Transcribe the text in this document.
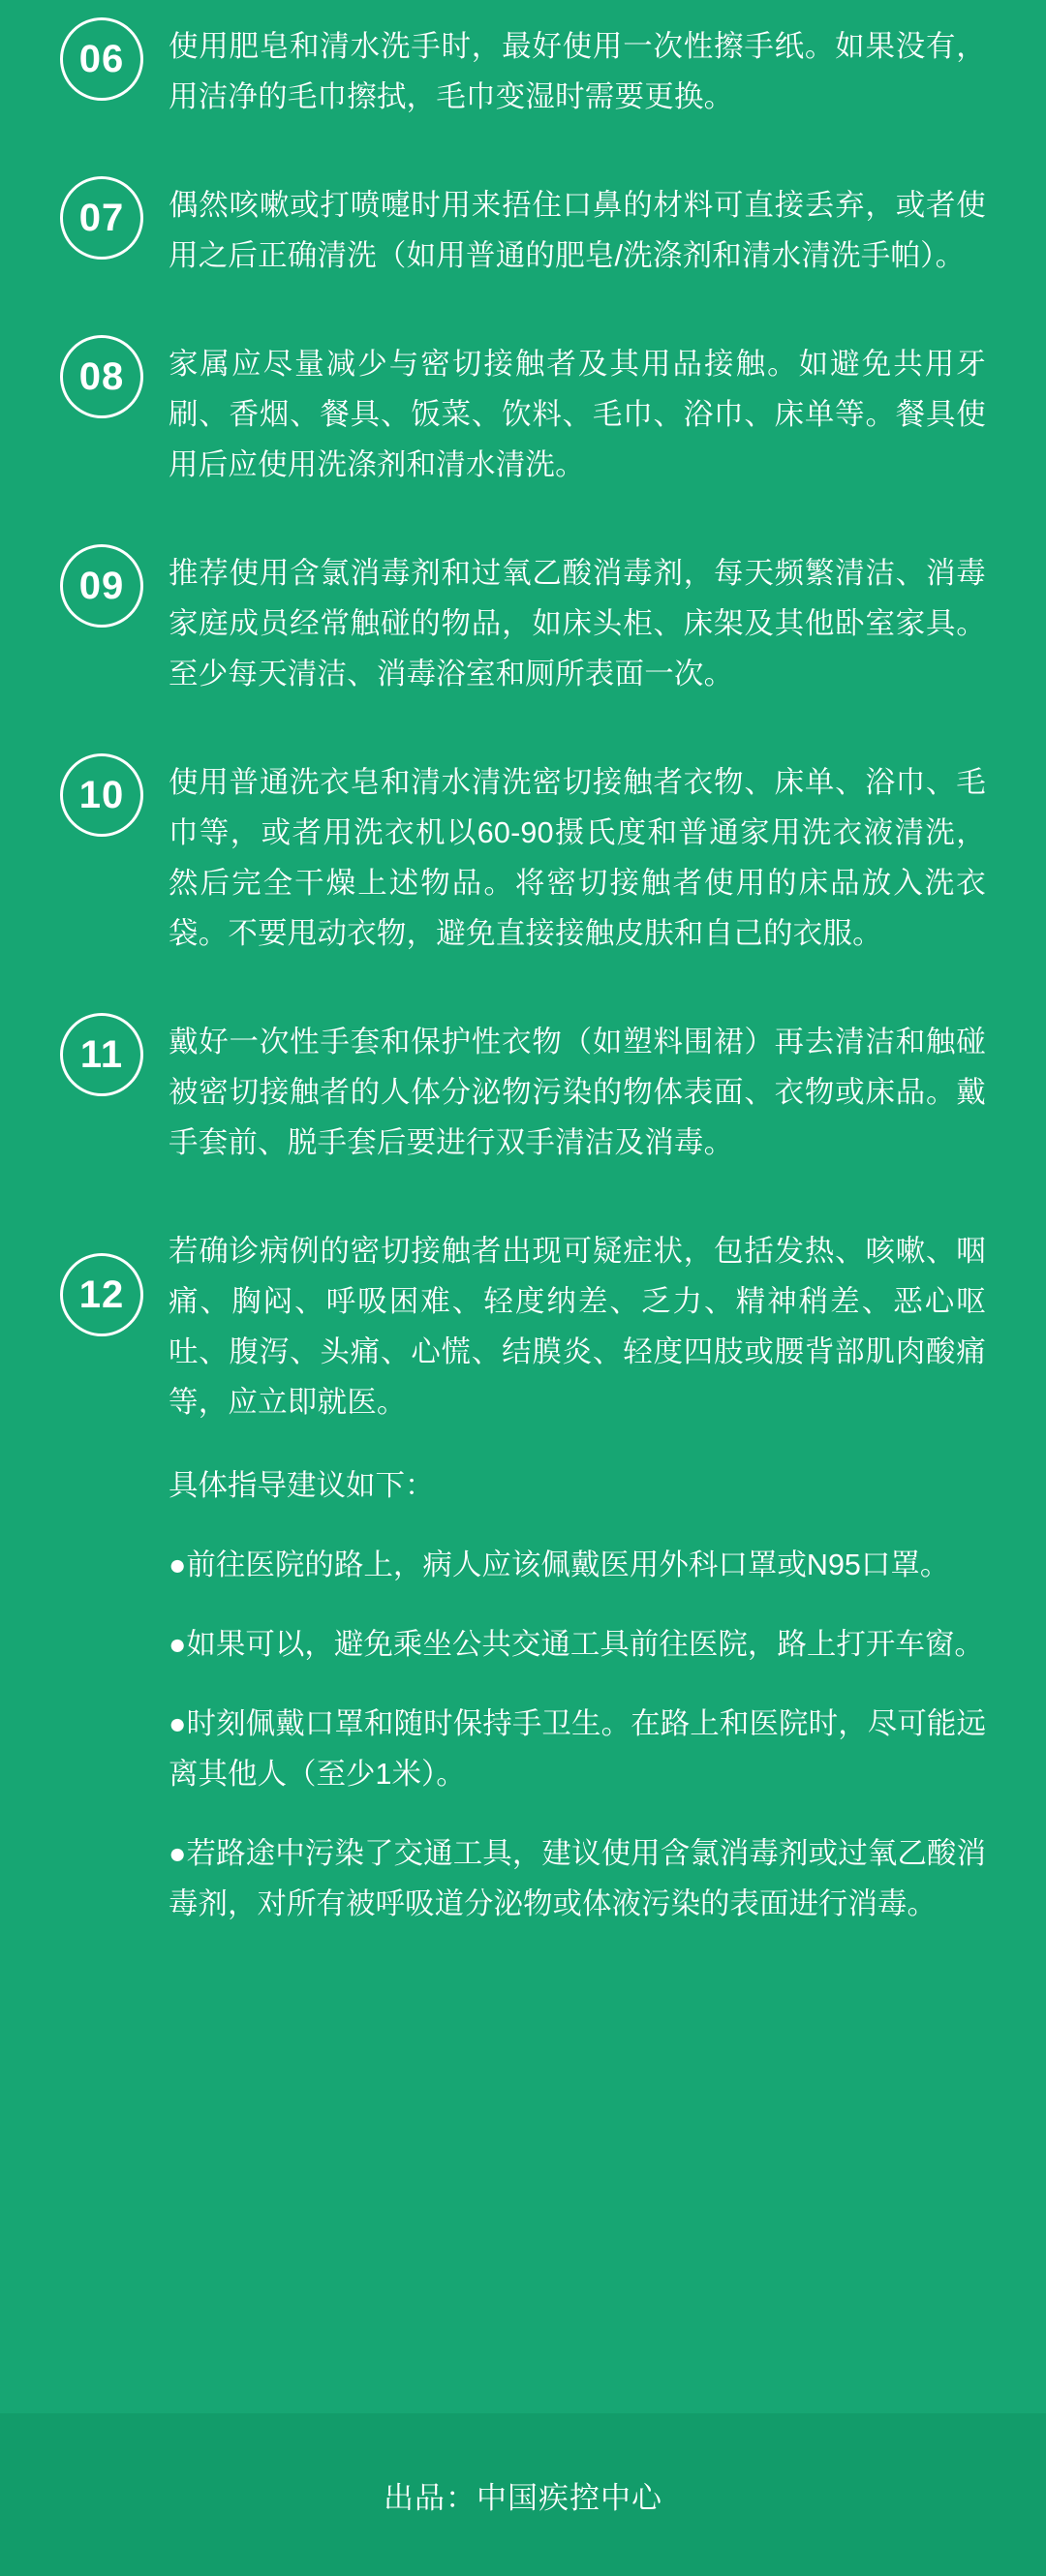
06	使用肥皂和清水洗手时，最好使用一次性擦手纸。如果没有，用洁净的毛巾擦拭，毛巾变湿时需要更换。

07	偶然咳嗽或打喷嚏时用来捂住口鼻的材料可直接丢弃，或者使用之后正确清洗（如用普通的肥皂/洗涤剂和清水清洗手帕）。

08	家属应尽量减少与密切接触者及其用品接触。如避免共用牙刷、香烟、餐具、饭菜、饮料、毛巾、浴巾、床单等。餐具使用后应使用洗涤剂和清水清洗。

09	推荐使用含氯消毒剂和过氧乙酸消毒剂，每天频繁清洁、消毒家庭成员经常触碰的物品，如床头柜、床架及其他卧室家具。至少每天清洁、消毒浴室和厕所表面一次。

10	使用普通洗衣皂和清水清洗密切接触者衣物、床单、浴巾、毛巾等，或者用洗衣机以60-90摄氏度和普通家用洗衣液清洗，然后完全干燥上述物品。将密切接触者使用的床品放入洗衣袋。不要甩动衣物，避免直接接触皮肤和自己的衣服。

11	戴好一次性手套和保护性衣物（如塑料围裙）再去清洁和触碰被密切接触者的人体分泌物污染的物体表面、衣物或床品。戴手套前、脱手套后要进行双手清洁及消毒。

12

若确诊病例的密切接触者出现可疑症状，包括发热、咳嗽、咽痛、胸闷、呼吸困难、轻度纳差、乏力、精神稍差、恶心呕吐、腹泻、头痛、心慌、结膜炎、轻度四肢或腰背部肌肉酸痛等，应立即就医。

具体指导建议如下：

●前往医院的路上，病人应该佩戴医用外科口罩或N95口罩。

●如果可以，避免乘坐公共交通工具前往医院，路上打开车窗。

●时刻佩戴口罩和随时保持手卫生。在路上和医院时，尽可能远离其他人（至少1米）。

●若路途中污染了交通工具，建议使用含氯消毒剂或过氧乙酸消毒剂，对所有被呼吸道分泌物或体液污染的表面进行消毒。

出品：中国疾控中心
